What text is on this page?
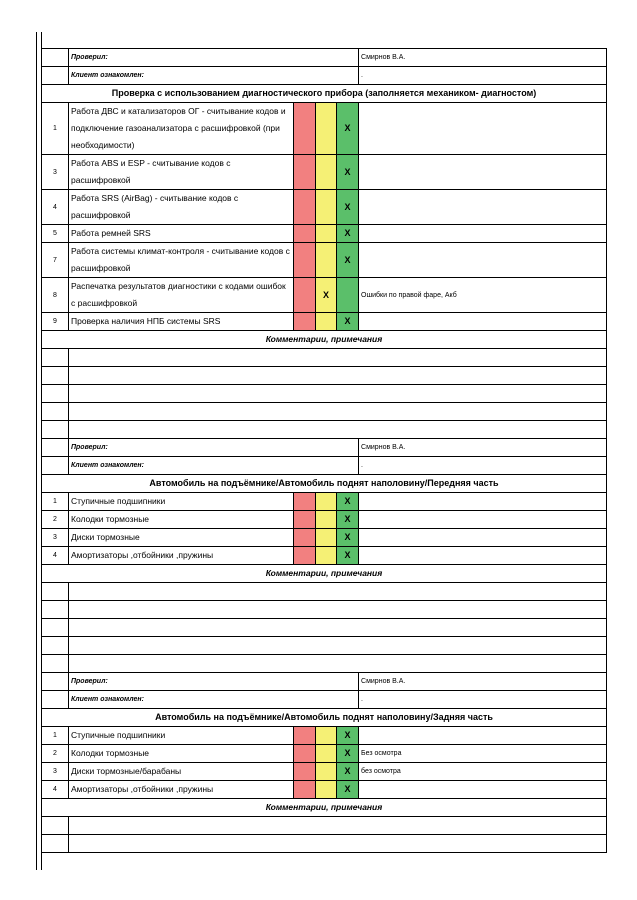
	Проверил:				Смирнов В.А.
	Клиент ознакомлен:				.
Проверка с использованием диагностического прибора (заполняется механиком- диагностом)					
1	Работа ДВС и катализаторов ОГ - считывание кодов и подключение газоанализатора с расшифровкой (при необходимости)			X	
3	Работа ABS и ESP - считывание кодов с расшифровкой			X	
4	Работа SRS (AirBag) - считывание кодов с расшифровкой			X	
5	Работа ремней SRS			X	
7	Работа системы климат-контроля - считывание кодов с расшифровкой			X	
8	Распечатка результатов диагностики с кодами ошибок с расшифровкой		X		Ошибки по правой фаре, Акб
9	Проверка наличия НПБ системы SRS			X	
Комментарии, примечания					

	Проверил:				Смирнов В.А.
	Клиент ознакомлен:				.
Автомобиль на подъёмнике/Автомобиль поднят наполовину/Передняя часть					
1	Ступичные подшипники			X	
2	Колодки тормозные			X	
3	Диски тормозные			X	
4	Амортизаторы ,отбойники ,пружины			X	
Комментарии, примечания					

	Проверил:				Смирнов В.А.
	Клиент ознакомлен:				.
Автомобиль на подъёмнике/Автомобиль поднят наполовину/Задняя часть					
1	Ступичные подшипники			X	
2	Колодки тормозные			X	Без осмотра
3	Диски тормозные/барабаны			X	без осмотра
4	Амортизаторы ,отбойники ,пружины			X	
Комментарии, примечания					
